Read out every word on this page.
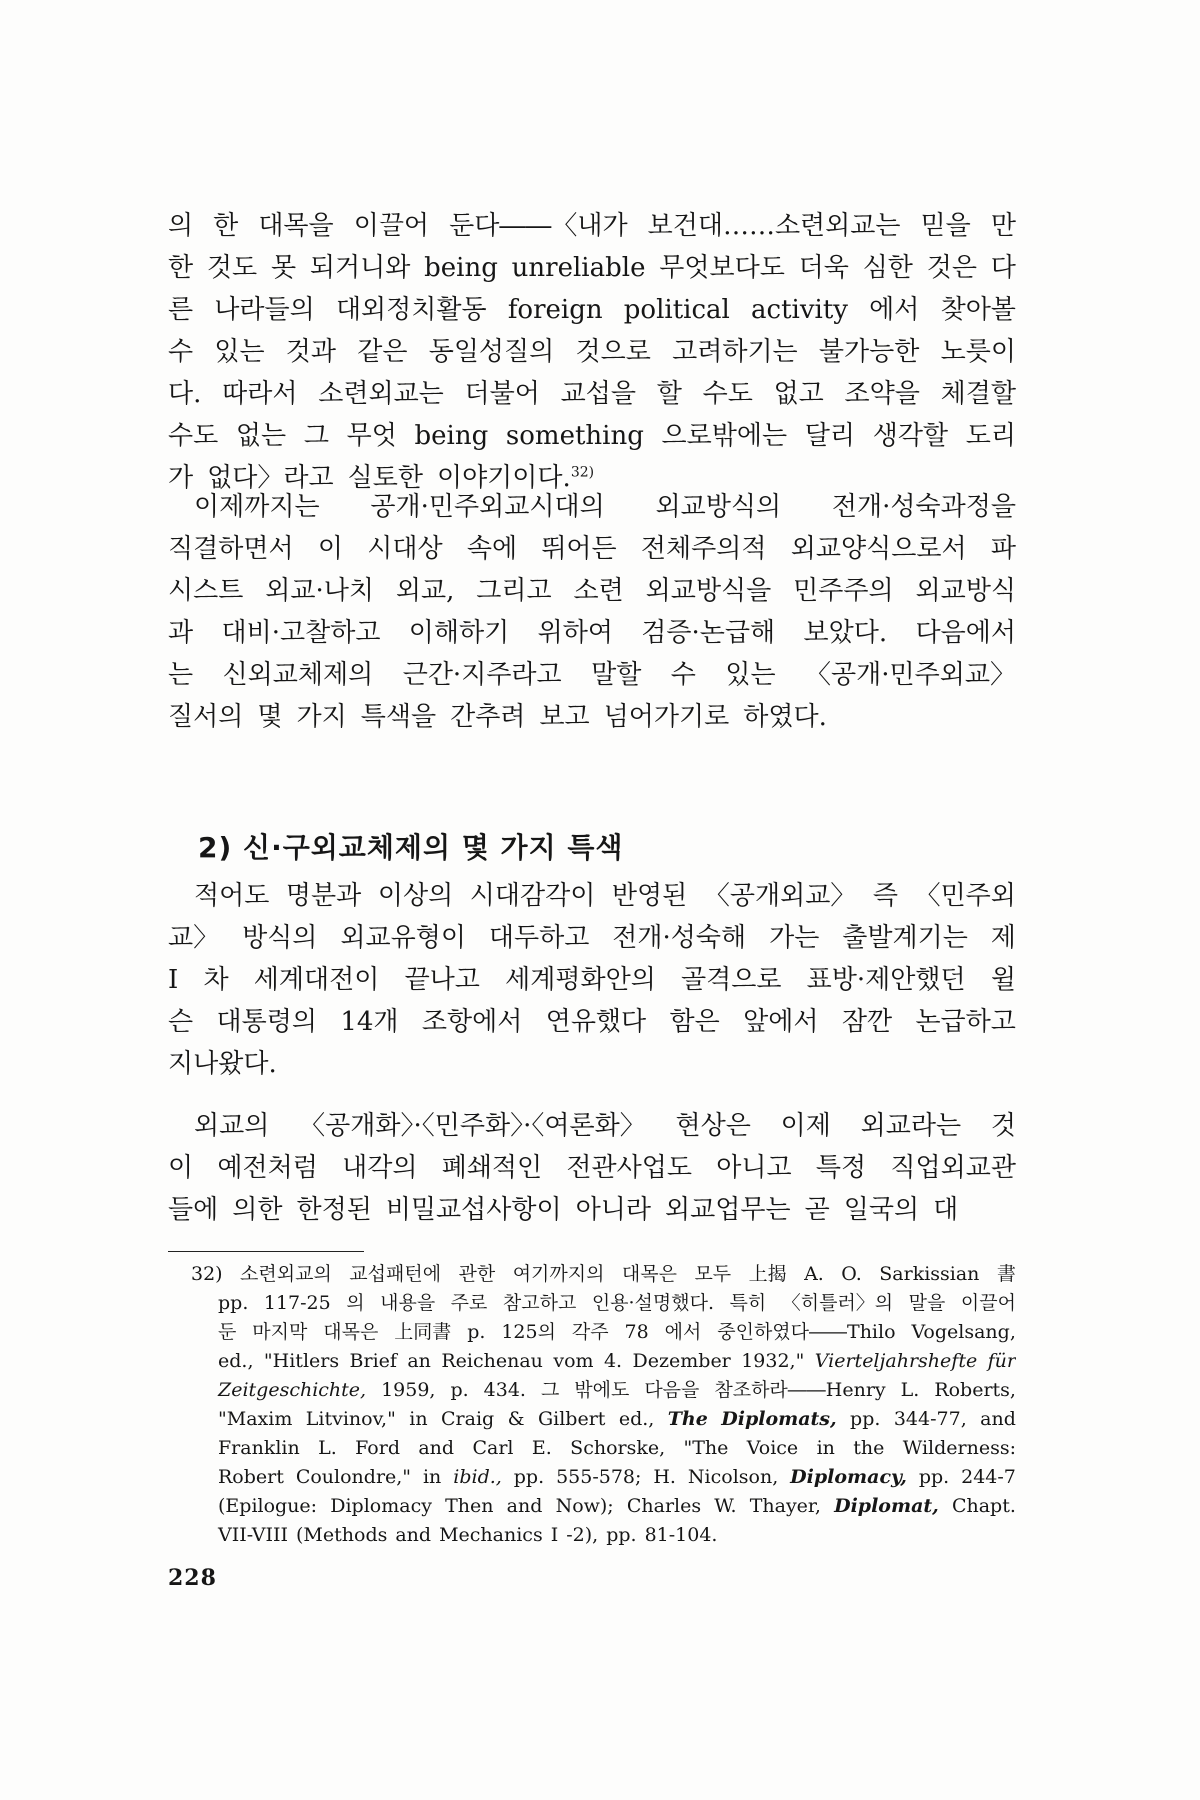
의 한 대목을 이끌어 둔다――〈내가 보건대……소련외교는 믿을 만
한 것도 못 되거니와 being unreliable 무엇보다도 더욱 심한 것은 다
른 나라들의 대외정치활동 foreign political activity 에서 찾아볼
수 있는 것과 같은 동일성질의 것으로 고려하기는 불가능한 노릇이
다. 따라서 소련외교는 더불어 교섭을 할 수도 없고 조약을 체결할
수도 없는 그 무엇 being something 으로밖에는 달리 생각할 도리
가 없다〉라고 실토한 이야기이다.$^{32)}$
이제까지는 공개·민주외교시대의 외교방식의 전개·성숙과정을
직결하면서 이 시대상 속에 뛰어든 전체주의적 외교양식으로서 파
시스트 외교·나치 외교, 그리고 소련 외교방식을 민주주의 외교방식
과 대비·고찰하고 이해하기 위하여 검증·논급해 보았다. 다음에서
는 신외교체제의 근간·지주라고 말할 수 있는 〈공개·민주외교〉
질서의 몇 가지 특색을 간추려 보고 넘어가기로 하였다.
2) 신·구외교체제의 몇 가지 특색
적어도 명분과 이상의 시대감각이 반영된 〈공개외교〉 즉 〈민주외
교〉 방식의 외교유형이 대두하고 전개·성숙해 가는 출발계기는 제
I 차 세계대전이 끝나고 세계평화안의 골격으로 표방·제안했던 윌
슨 대통령의 14개 조항에서 연유했다 함은 앞에서 잠깐 논급하고
지나왔다.
외교의 〈공개화〉·〈민주화〉·〈여론화〉 현상은 이제 외교라는 것
이 예전처럼 내각의 폐쇄적인 전관사업도 아니고 특정 직업외교관
들에 의한 한정된 비밀교섭사항이 아니라 외교업무는 곧 일국의 대
32) 소련외교의 교섭패턴에 관한 여기까지의 대목은 모두 上揭 A. O. Sarkissian 書
pp. 117-25 의 내용을 주로 참고하고 인용·설명했다. 특히 〈히틀러〉의 말을 이끌어
둔 마지막 대목은 上同書 p. 125의 각주 78 에서 중인하였다――Thilo Vogelsang,
ed., "Hitlers Brief an Reichenau vom 4. Dezember 1932," Vierteljahrshefte für
Zeitgeschichte, 1959, p. 434. 그 밖에도 다음을 참조하라――Henry L. Roberts,
"Maxim Litvinov," in Craig & Gilbert ed., The Diplomats, pp. 344-77, and
Franklin L. Ford and Carl E. Schorske, "The Voice in the Wilderness:
Robert Coulondre," in ibid., pp. 555-578; H. Nicolson, Diplomacy, pp. 244-7
(Epilogue: Diplomacy Then and Now); Charles W. Thayer, Diplomat, Chapt.
VII-VIII (Methods and Mechanics I -2), pp. 81-104.
228
